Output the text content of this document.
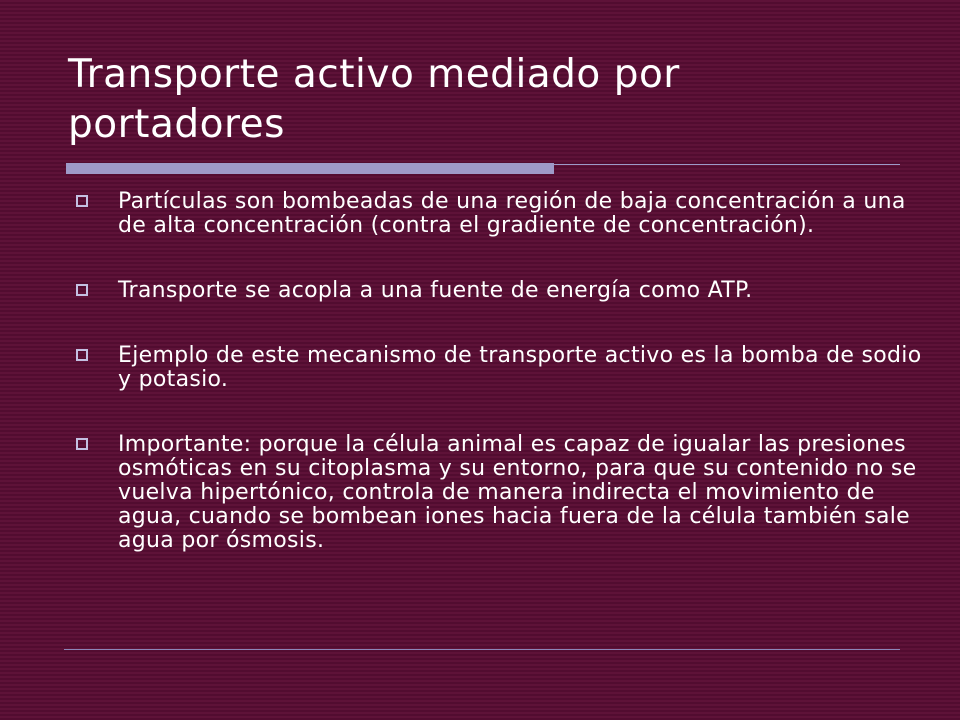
Transporte activo mediado por portadores
Partículas son bombeadas de una región de baja concentración a una de alta concentración (contra el gradiente de concentración).
Transporte se acopla a una fuente de energía como ATP.
Ejemplo de este mecanismo de transporte activo es la bomba de sodio y potasio.
Importante: porque la célula animal es capaz de igualar las presiones osmóticas en su citoplasma y su entorno, para que su contenido no se vuelva hipertónico, controla de manera indirecta el movimiento de agua, cuando se bombean iones hacia fuera de la célula también sale agua por ósmosis.
